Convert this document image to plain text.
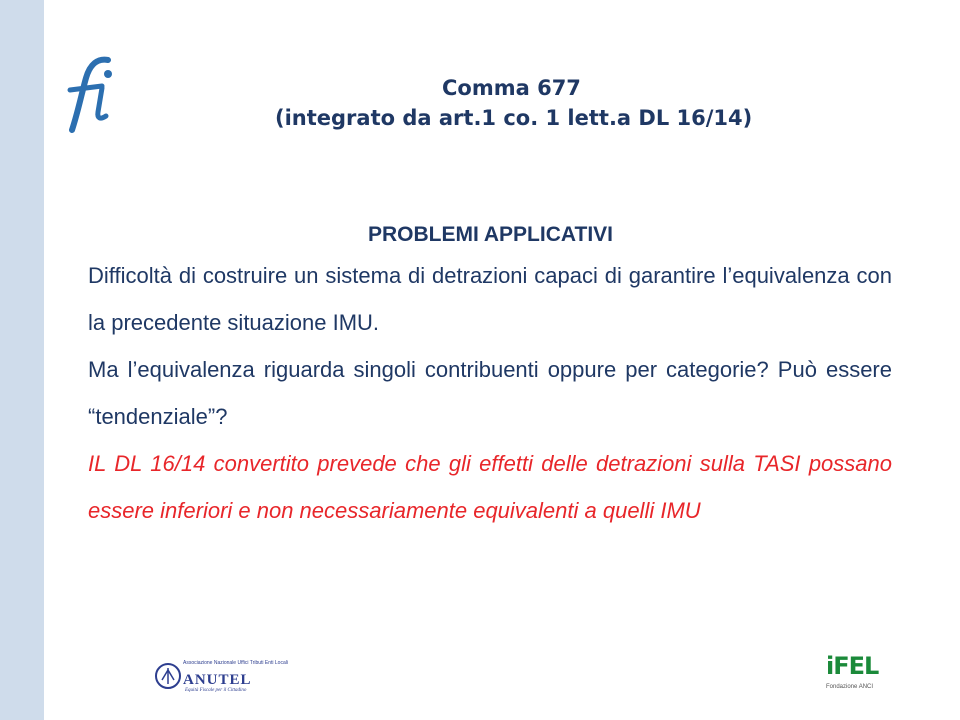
Comma 677
(integrato da art.1 co. 1 lett.a DL 16/14)
PROBLEMI APPLICATIVI
Difficoltà di costruire un sistema di detrazioni capaci di garantire l’equivalenza con la precedente situazione IMU.
Ma l’equivalenza riguarda singoli contribuenti oppure per categorie? Può essere “tendenziale”?
IL DL 16/14 convertito prevede che gli effetti delle detrazioni sulla TASI possano essere inferiori e non necessariamente equivalenti a quelli IMU
Associazione Nazionale Uffici Tributi Enti Locali
ANUTEL
Equità Fiscale per il Cittadino
iFEL
Fondazione ANCI
